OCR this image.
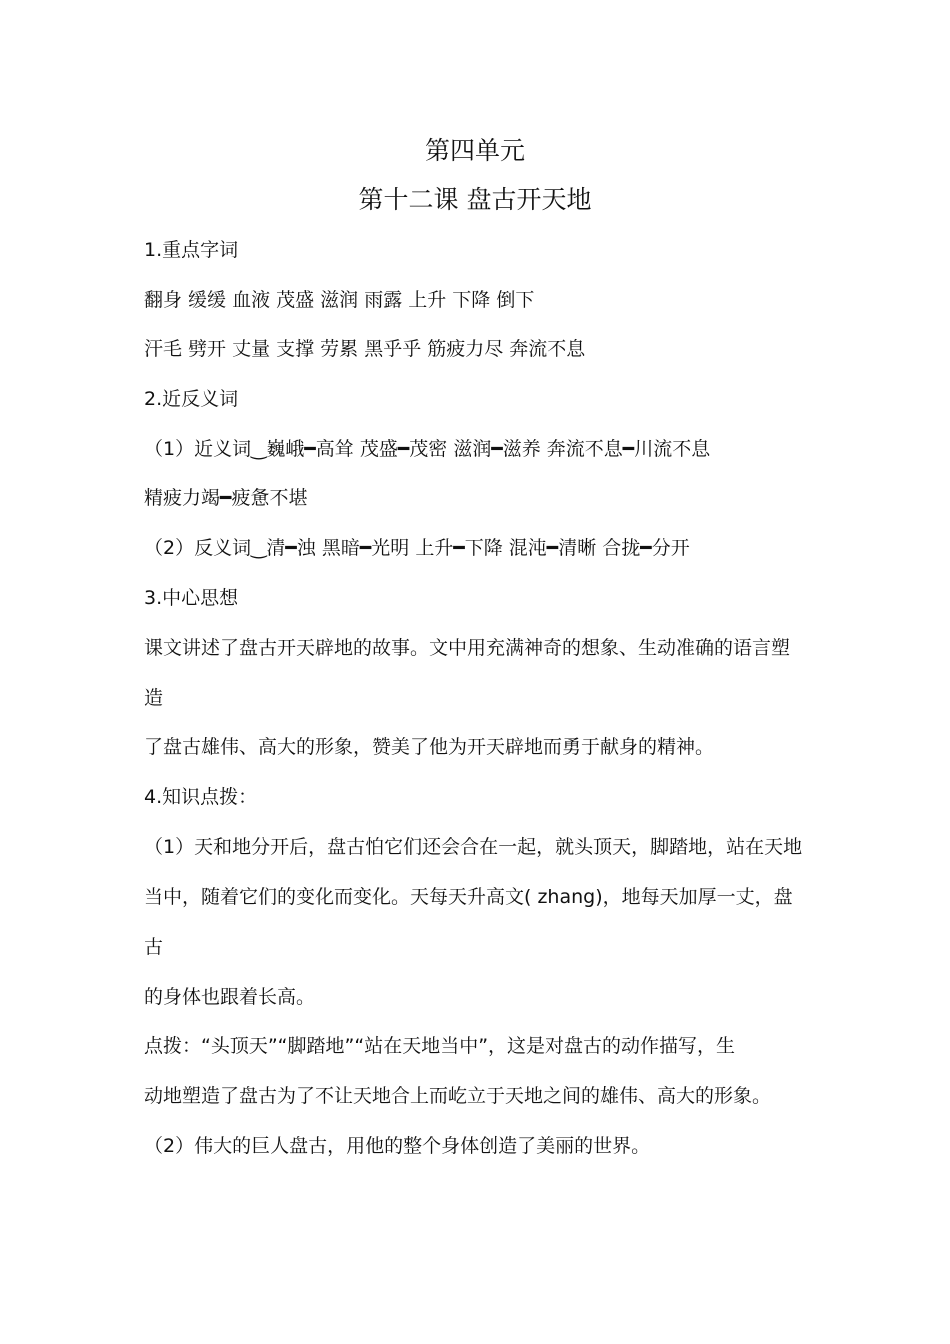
第四单元
第十二课 盘古开天地
1.重点字词
翻身 缓缓 血液 茂盛 滋润 雨露 上升 下降 倒下
汗毛 劈开 丈量 支撑 劳累 黑乎乎 筋疲力尽 奔流不息
2.近反义词
（1）近义词‿巍峨━高耸 茂盛━茂密 滋润━滋养 奔流不息━川流不息
精疲力竭━疲惫不堪
（2）反义词‿清━浊 黑暗━光明 上升━下降 混沌━清晰 合拢━分开
3.中心思想
课文讲述了盘古开天辟地的故事。文中用充满神奇的想象、生动准确的语言塑
造
了盘古雄伟、高大的形象，赞美了他为开天辟地而勇于献身的精神。
4.知识点拨：
（1）天和地分开后，盘古怕它们还会合在一起，就头顶天，脚踏地，站在天地
当中，随着它们的变化而变化。天每天升高文( zhang)，地每天加厚一丈，盘
古
的身体也跟着长高。
点拨：“头顶天”“脚踏地”“站在天地当中”，这是对盘古的动作描写，生
动地塑造了盘古为了不让天地合上而屹立于天地之间的雄伟、高大的形象。
（2）伟大的巨人盘古，用他的整个身体创造了美丽的世界。
